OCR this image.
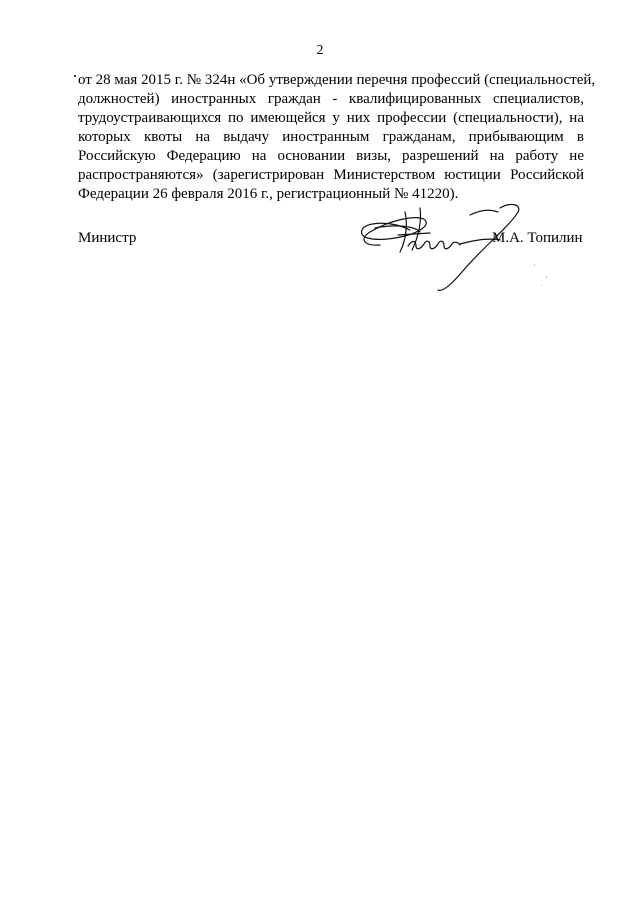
2
от 28 мая 2015 г. № 324н «Об утверждении перечня профессий (специальностей,
должностей) иностранных граждан - квалифицированных специалистов,
трудоустраивающихся по имеющейся у них профессии (специальности), на
которых квоты на выдачу иностранным гражданам, прибывающим в
Российскую Федерацию на основании визы, разрешений на работу не
распространяются» (зарегистрирован Министерством юстиции Российской
Федерации 26 февраля 2016 г., регистрационный № 41220).
Министр	М.А. Топилин
